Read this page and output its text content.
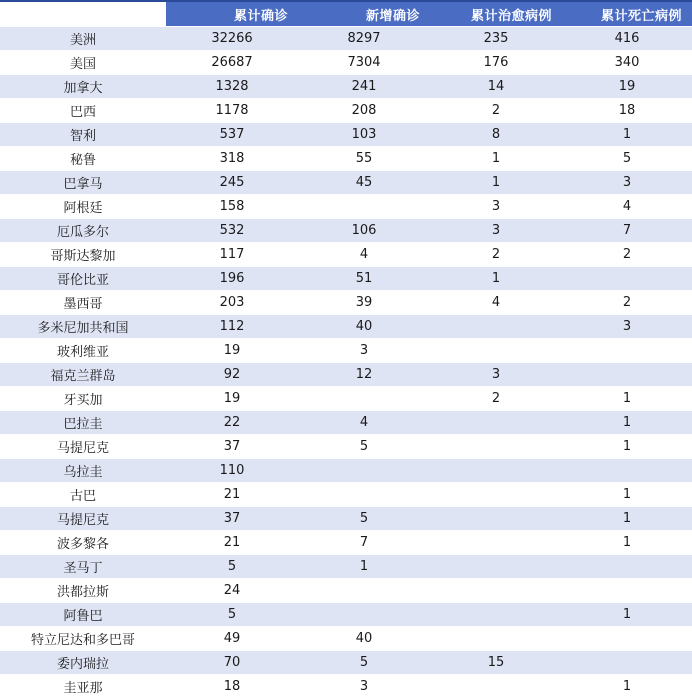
	累计确诊	新增确诊	累计治愈病例	累计死亡病例
美洲	32266	8297	235	416
美国	26687	7304	176	340
加拿大	1328	241	14	19
巴西	1178	208	2	18
智利	537	103	8	1
秘鲁	318	55	1	5
巴拿马	245	45	1	3
阿根廷	158		3	4
厄瓜多尔	532	106	3	7
哥斯达黎加	117	4	2	2
哥伦比亚	196	51	1	
墨西哥	203	39	4	2
多米尼加共和国	112	40		3
玻利维亚	19	3		
福克兰群岛	92	12	3	
牙买加	19		2	1
巴拉圭	22	4		1
马提尼克	37	5		1
乌拉圭	110			
古巴	21			1
马提尼克	37	5		1
波多黎各	21	7		1
圣马丁	5	1		
洪都拉斯	24			
阿鲁巴	5			1
特立尼达和多巴哥	49	40		
委内瑞拉	70	5	15	
圭亚那	18	3		1
